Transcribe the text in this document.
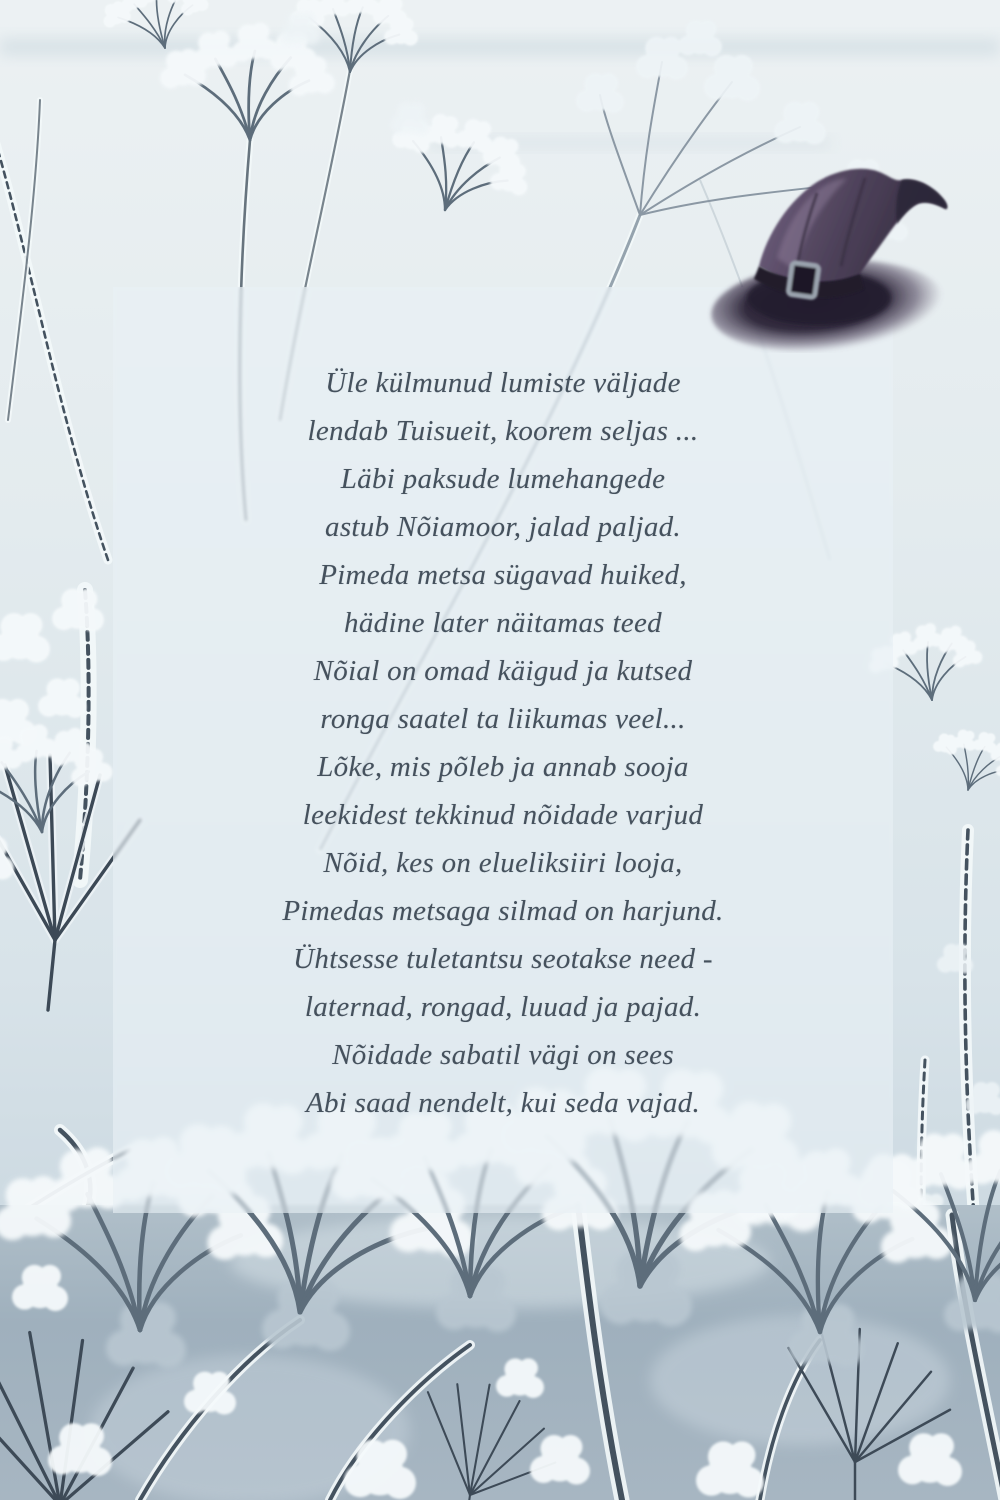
Üle külmunud lumiste väljade
lendab Tuisueit, koorem seljas ...
Läbi paksude lumehangede
astub Nõiamoor, jalad paljad.
Pimeda metsa sügavad huiked,
hädine later näitamas teed
Nõial on omad käigud ja kutsed
ronga saatel ta liikumas veel...
Lõke, mis põleb ja annab sooja
leekidest tekkinud nõidade varjud
Nõid, kes on elueliksiiri looja,
Pimedas metsaga silmad on harjund.
Ühtsesse tuletantsu seotakse need -
laternad, rongad, luuad ja pajad.
Nõidade sabatil vägi on sees
Abi saad nendelt, kui seda vajad.
